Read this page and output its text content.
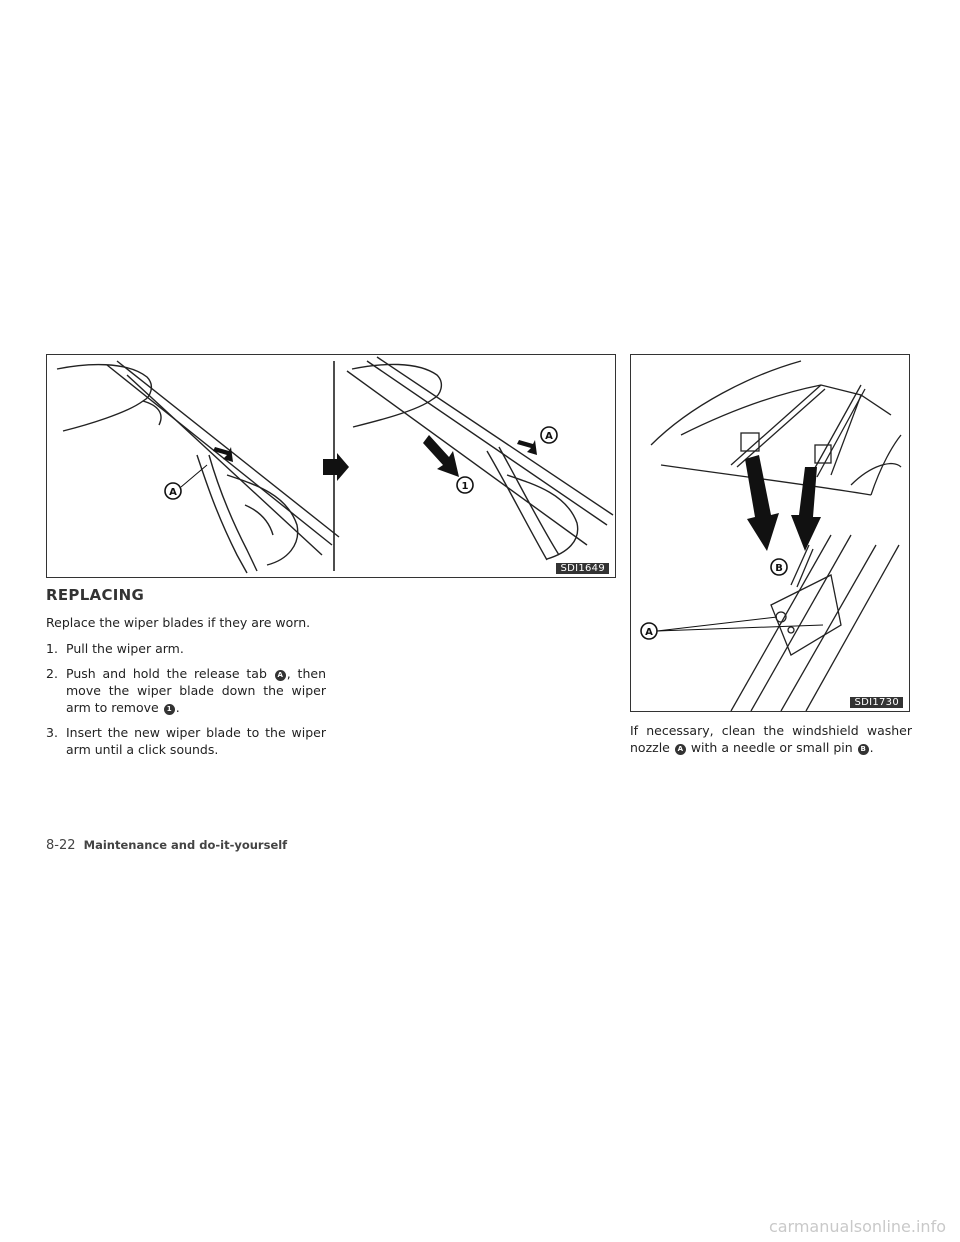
A
1
A
SDI1649	B
A
SDI1730
REPLACING

Replace the wiper blades if they are worn.

1. Pull the wiper arm.
2. Push and hold the release tab A , then move the wiper blade down the wiper arm to remove 1 .
3. Insert the new wiper blade to the wiper arm until a click sounds.

If necessary, clean the windshield washer nozzle A with a needle or small pin B .

8-22 Maintenance and do-it-yourself
carmanualsonline.info
